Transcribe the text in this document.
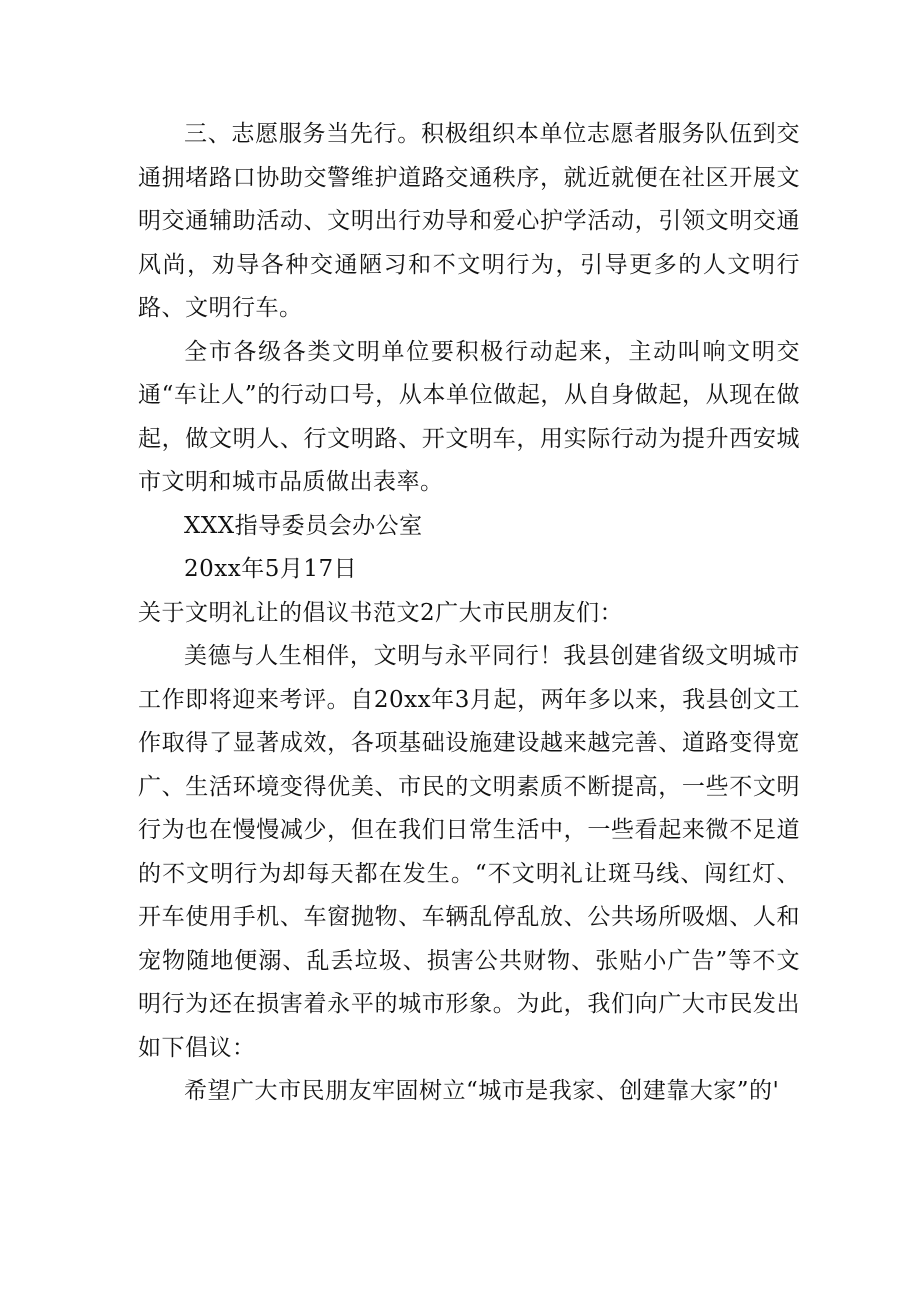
三、志愿服务当先行。积极组织本单位志愿者服务队伍到交通拥堵路口协助交警维护道路交通秩序，就近就便在社区开展文明交通辅助活动、文明出行劝导和爱心护学活动，引领文明交通风尚，劝导各种交通陋习和不文明行为，引导更多的人文明行路、文明行车。

全市各级各类文明单位要积极行动起来，主动叫响文明交通“车让人”的行动口号，从本单位做起，从自身做起，从现在做起，做文明人、行文明路、开文明车，用实际行动为提升西安城市文明和城市品质做出表率。

XXX指导委员会办公室

20xx年5月17日

关于文明礼让的倡议书范文2广大市民朋友们：

美德与人生相伴，文明与永平同行！我县创建省级文明城市工作即将迎来考评。自20xx年3月起，两年多以来，我县创文工作取得了显著成效，各项基础设施建设越来越完善、道路变得宽广、生活环境变得优美、市民的文明素质不断提高，一些不文明行为也在慢慢减少，但在我们日常生活中，一些看起来微不足道的不文明行为却每天都在发生。“不文明礼让斑马线、闯红灯、开车使用手机、车窗抛物、车辆乱停乱放、公共场所吸烟、人和宠物随地便溺、乱丢垃圾、损害公共财物、张贴小广告”等不文明行为还在损害着永平的城市形象。为此，我们向广大市民发出如下倡议：

希望广大市民朋友牢固树立“城市是我家、创建靠大家”的'
